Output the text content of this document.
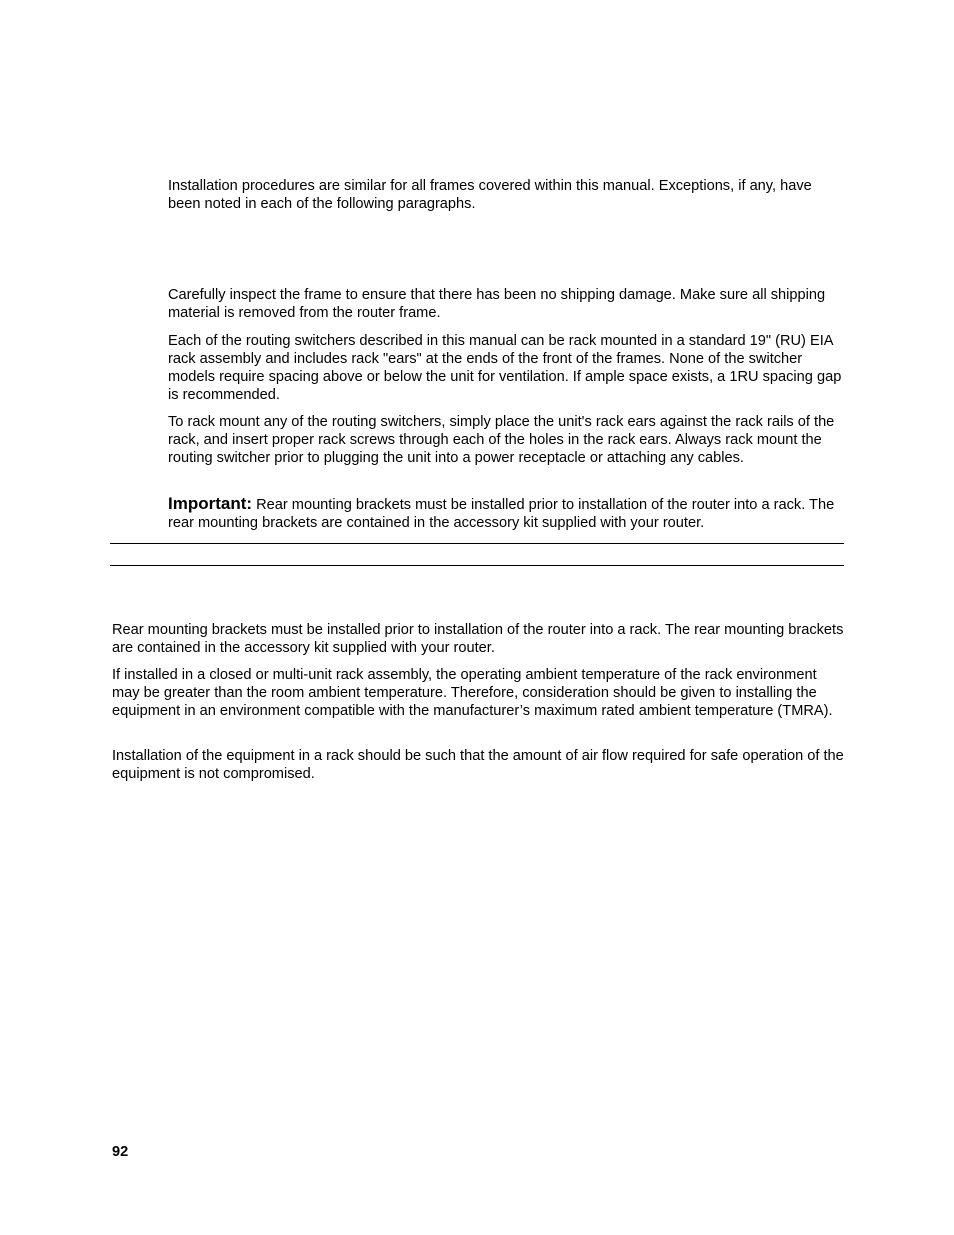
Installation procedures are similar for all frames covered within this manual. Exceptions, if any, have been noted in each of the following paragraphs.

Carefully inspect the frame to ensure that there has been no shipping damage. Make sure all shipping material is removed from the router frame.

Each of the routing switchers described in this manual can be rack mounted in a standard 19" (RU) EIA rack assembly and includes rack "ears" at the ends of the front of the frames. None of the switcher models require spacing above or below the unit for ventilation. If ample space exists, a 1RU spacing gap is recommended.

To rack mount any of the routing switchers, simply place the unit's rack ears against the rack rails of the rack, and insert proper rack screws through each of the holes in the rack ears. Always rack mount the routing switcher prior to plugging the unit into a power receptacle or attaching any cables.

Important: Rear mounting brackets must be installed prior to installation of the router into a rack. The rear mounting brackets are contained in the accessory kit supplied with your router.

Rear mounting brackets must be installed prior to installation of the router into a rack. The rear mounting brackets are contained in the accessory kit supplied with your router.

If installed in a closed or multi-unit rack assembly, the operating ambient temperature of the rack environment may be greater than the room ambient temperature. Therefore, consideration should be given to installing the equipment in an environment compatible with the manufacturer’s maximum rated ambient temperature (TMRA).

Installation of the equipment in a rack should be such that the amount of air flow required for safe operation of the equipment is not compromised.

92
